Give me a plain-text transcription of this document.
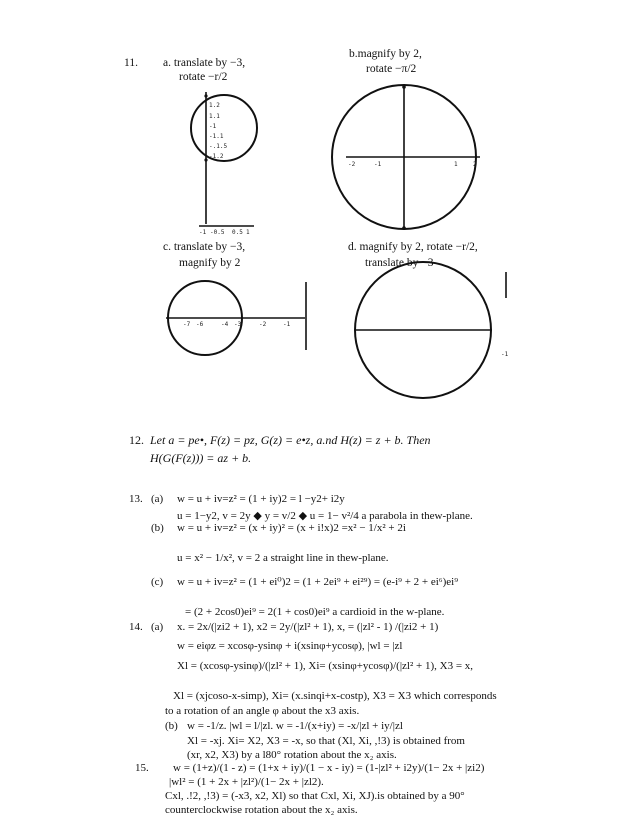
11. a. translate by −3,
rotate −r/2
b.magnify by 2,
rotate −π/2
c. translate by −3,
magnify by 2
d. magnify by 2, rotate −r/2,
translate by −3
1.2
1.1
-1
-1.1
-.1.5
-1.2
-1 -0.5 0.5 1
-2	-1	1	2
-7 -6	-4 -3	-2	-1
-1
12. Let a = pe•, F(z) = pz, G(z) = e•z, a.nd H(z) = z + b. Then
H(G(F(z))) = az + b.
13. (a) w = u + iv=z² = (1 + iy)2 = l −y2+ i2y
u = 1−y2, v = 2y ◆ y = v/2 ◆ u = 1− v²/4 a parabola in thew-plane.
(b) w = u + iv=z² = (x + iy)² = (x + i!x)2 =x² − 1/x² + 2i
u = x² − 1/x², v = 2 a straight line in thew-plane.
(c) w = u + iv=z² = (1 + ei⁰)2 = (1 + 2ei⁹ + ei²⁹) = (e-i⁹ + 2 + ei⁶)ei⁹
= (2 + 2cos0)ei⁹ = 2(1 + cos0)ei⁹ a cardioid in the w-plane.
14. (a) x. = 2x/(|zi2 + 1), x2 = 2y/(|zl² + 1), x, = (|zl² - 1) /(|zi2 + 1)
w = eiφz = xcosφ-ysinφ + i(xsinφ+ycosφ), |wl = |zl
Xl = (xcosφ-ysinφ)/(|zl² + 1), Xi= (xsinφ+ycosφ)/(|zl² + 1), X3 = x,
Xl = (xjcoso-x-simp), Xi= (x.sinqi+x-costp), X3 = X3 which corresponds
to a rotation of an angle φ about the x3 axis.
(b) w = -1/z. |wl = l/|zl. w = -1/(x+iy) = -x/|zl + iy/|zl
Xl = -xj. Xi= X2, X3 = -x, so that (Xl, Xi, ,!3) is obtained from
(xr, x2, X3) by a l80° rotation about the x₂ axis.
15. w = (1+z)/(1 - z) = (1+x + iy)/(1 − x - iy) = (1-|zl² + i2y)/(1− 2x + |zi2)
|wl² = (1 + 2x + |zl²)/(1− 2x + |zl2).
Cxl, .!2, ,!3) = (-x3, x2, Xl) so that Cxl, Xi, XJ).is obtained by a 90°
counterclockwise rotation about the x₂ axis.
